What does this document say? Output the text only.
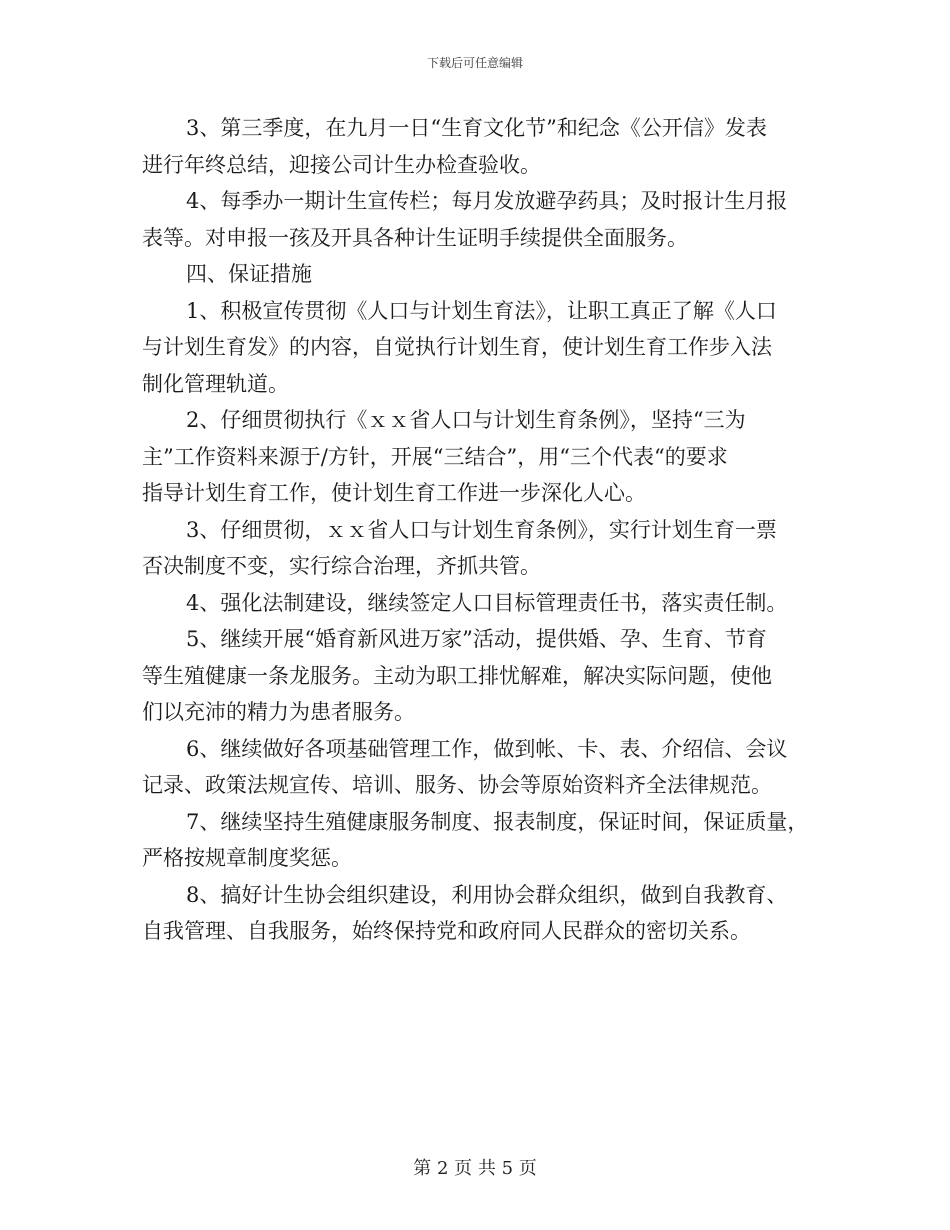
下载后可任意编辑
3、第三季度，在九月一日“生育文化节”和纪念《公开信》发表
进行年终总结，迎接公司计生办检查验收。
4、每季办一期计生宣传栏；每月发放避孕药具；及时报计生月报
表等。对申报一孩及开具各种计生证明手续提供全面服务。
四、保证措施
1、积极宣传贯彻《人口与计划生育法》，让职工真正了解《人口
与计划生育发》的内容，自觉执行计划生育，使计划生育工作步入法
制化管理轨道。
2、仔细贯彻执行《ｘｘ省人口与计划生育条例》，坚持“三为
主”工作资料来源于/方针，开展“三结合”，用“三个代表“的要求
指导计划生育工作，使计划生育工作进一步深化人心。
3、仔细贯彻，ｘｘ省人口与计划生育条例》，实行计划生育一票
否决制度不变，实行综合治理，齐抓共管。
4、强化法制建设，继续签定人口目标管理责任书，落实责任制。
5、继续开展“婚育新风进万家”活动，提供婚、孕、生育、节育
等生殖健康一条龙服务。主动为职工排忧解难，解决实际问题，使他
们以充沛的精力为患者服务。
6、继续做好各项基础管理工作，做到帐、卡、表、介绍信、会议
记录、政策法规宣传、培训、服务、协会等原始资料齐全法律规范。
7、继续坚持生殖健康服务制度、报表制度，保证时间，保证质量，
严格按规章制度奖惩。
8、搞好计生协会组织建设，利用协会群众组织，做到自我教育、
自我管理、自我服务，始终保持党和政府同人民群众的密切关系。
第 2 页 共 5 页
